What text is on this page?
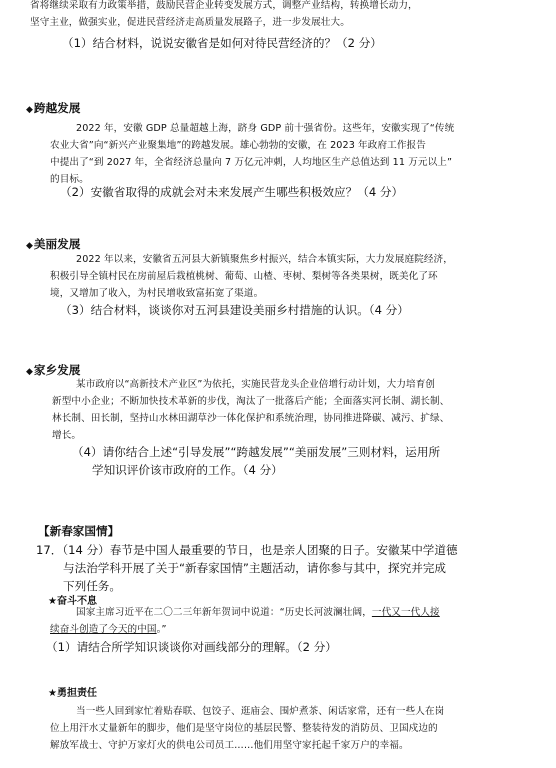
省将继续采取有力政策举措，鼓励民营企业转变发展方式，调整产业结构，转换增长动力，
坚守主业，做强实业，促进民营经济走高质量发展路子，进一步发展壮大。
（1）结合材料，说说安徽省是如何对待民营经济的？（2 分）
◆跨越发展
2022 年，安徽 GDP 总量超越上海，跻身 GDP 前十强省份。这些年，安徽实现了“传统
农业大省”向“新兴产业聚集地”的跨越发展。雄心勃勃的安徽，在 2023 年政府工作报告
中提出了“到 2027 年，全省经济总量向 7 万亿元冲刺，人均地区生产总值达到 11 万元以上”
的目标。
（2）安徽省取得的成就会对未来发展产生哪些积极效应？（4 分）
◆美丽发展
2022 年以来，安徽省五河县大新镇聚焦乡村振兴，结合本镇实际，大力发展庭院经济，
积极引导全镇村民在房前屋后栽植桃树、葡萄、山楂、枣树、梨树等各类果树，既美化了环
境，又增加了收入，为村民增收致富拓宽了渠道。
（3）结合材料，谈谈你对五河县建设美丽乡村措施的认识。（4 分）
◆家乡发展
某市政府以“高新技术产业区”为依托，实施民营龙头企业倍增行动计划，大力培育创
新型中小企业；不断加快技术革新的步伐，淘汰了一批落后产能；全面落实河长制、湖长制、
林长制、田长制，坚持山水林田湖草沙一体化保护和系统治理，协同推进降碳、减污、扩绿、
增长。
（4）请你结合上述“引导发展”“跨越发展”“美丽发展”三则材料，运用所
学知识评价该市政府的工作。（4 分）
【新春家国情】
17．（14 分）春节是中国人最重要的节日，也是亲人团聚的日子。安徽某中学道德
与法治学科开展了关于“新春家国情”主题活动，请你参与其中，探究并完成
下列任务。
★奋斗不息
国家主席习近平在二〇二三年新年贺词中说道：“历史长河波澜壮阔，一代又一代人接
续奋斗创造了今天的中国。”
（1）请结合所学知识谈谈你对画线部分的理解。（2 分）
★勇担责任
当一些人回到家忙着贴春联、包饺子、逛庙会、围炉煮茶、闲话家常，还有一些人在岗
位上用汗水丈量新年的脚步，他们是坚守岗位的基层民警、整装待发的消防员、卫国戍边的
解放军战士、守护万家灯火的供电公司员工……他们用坚守家托起千家万户的幸福。
